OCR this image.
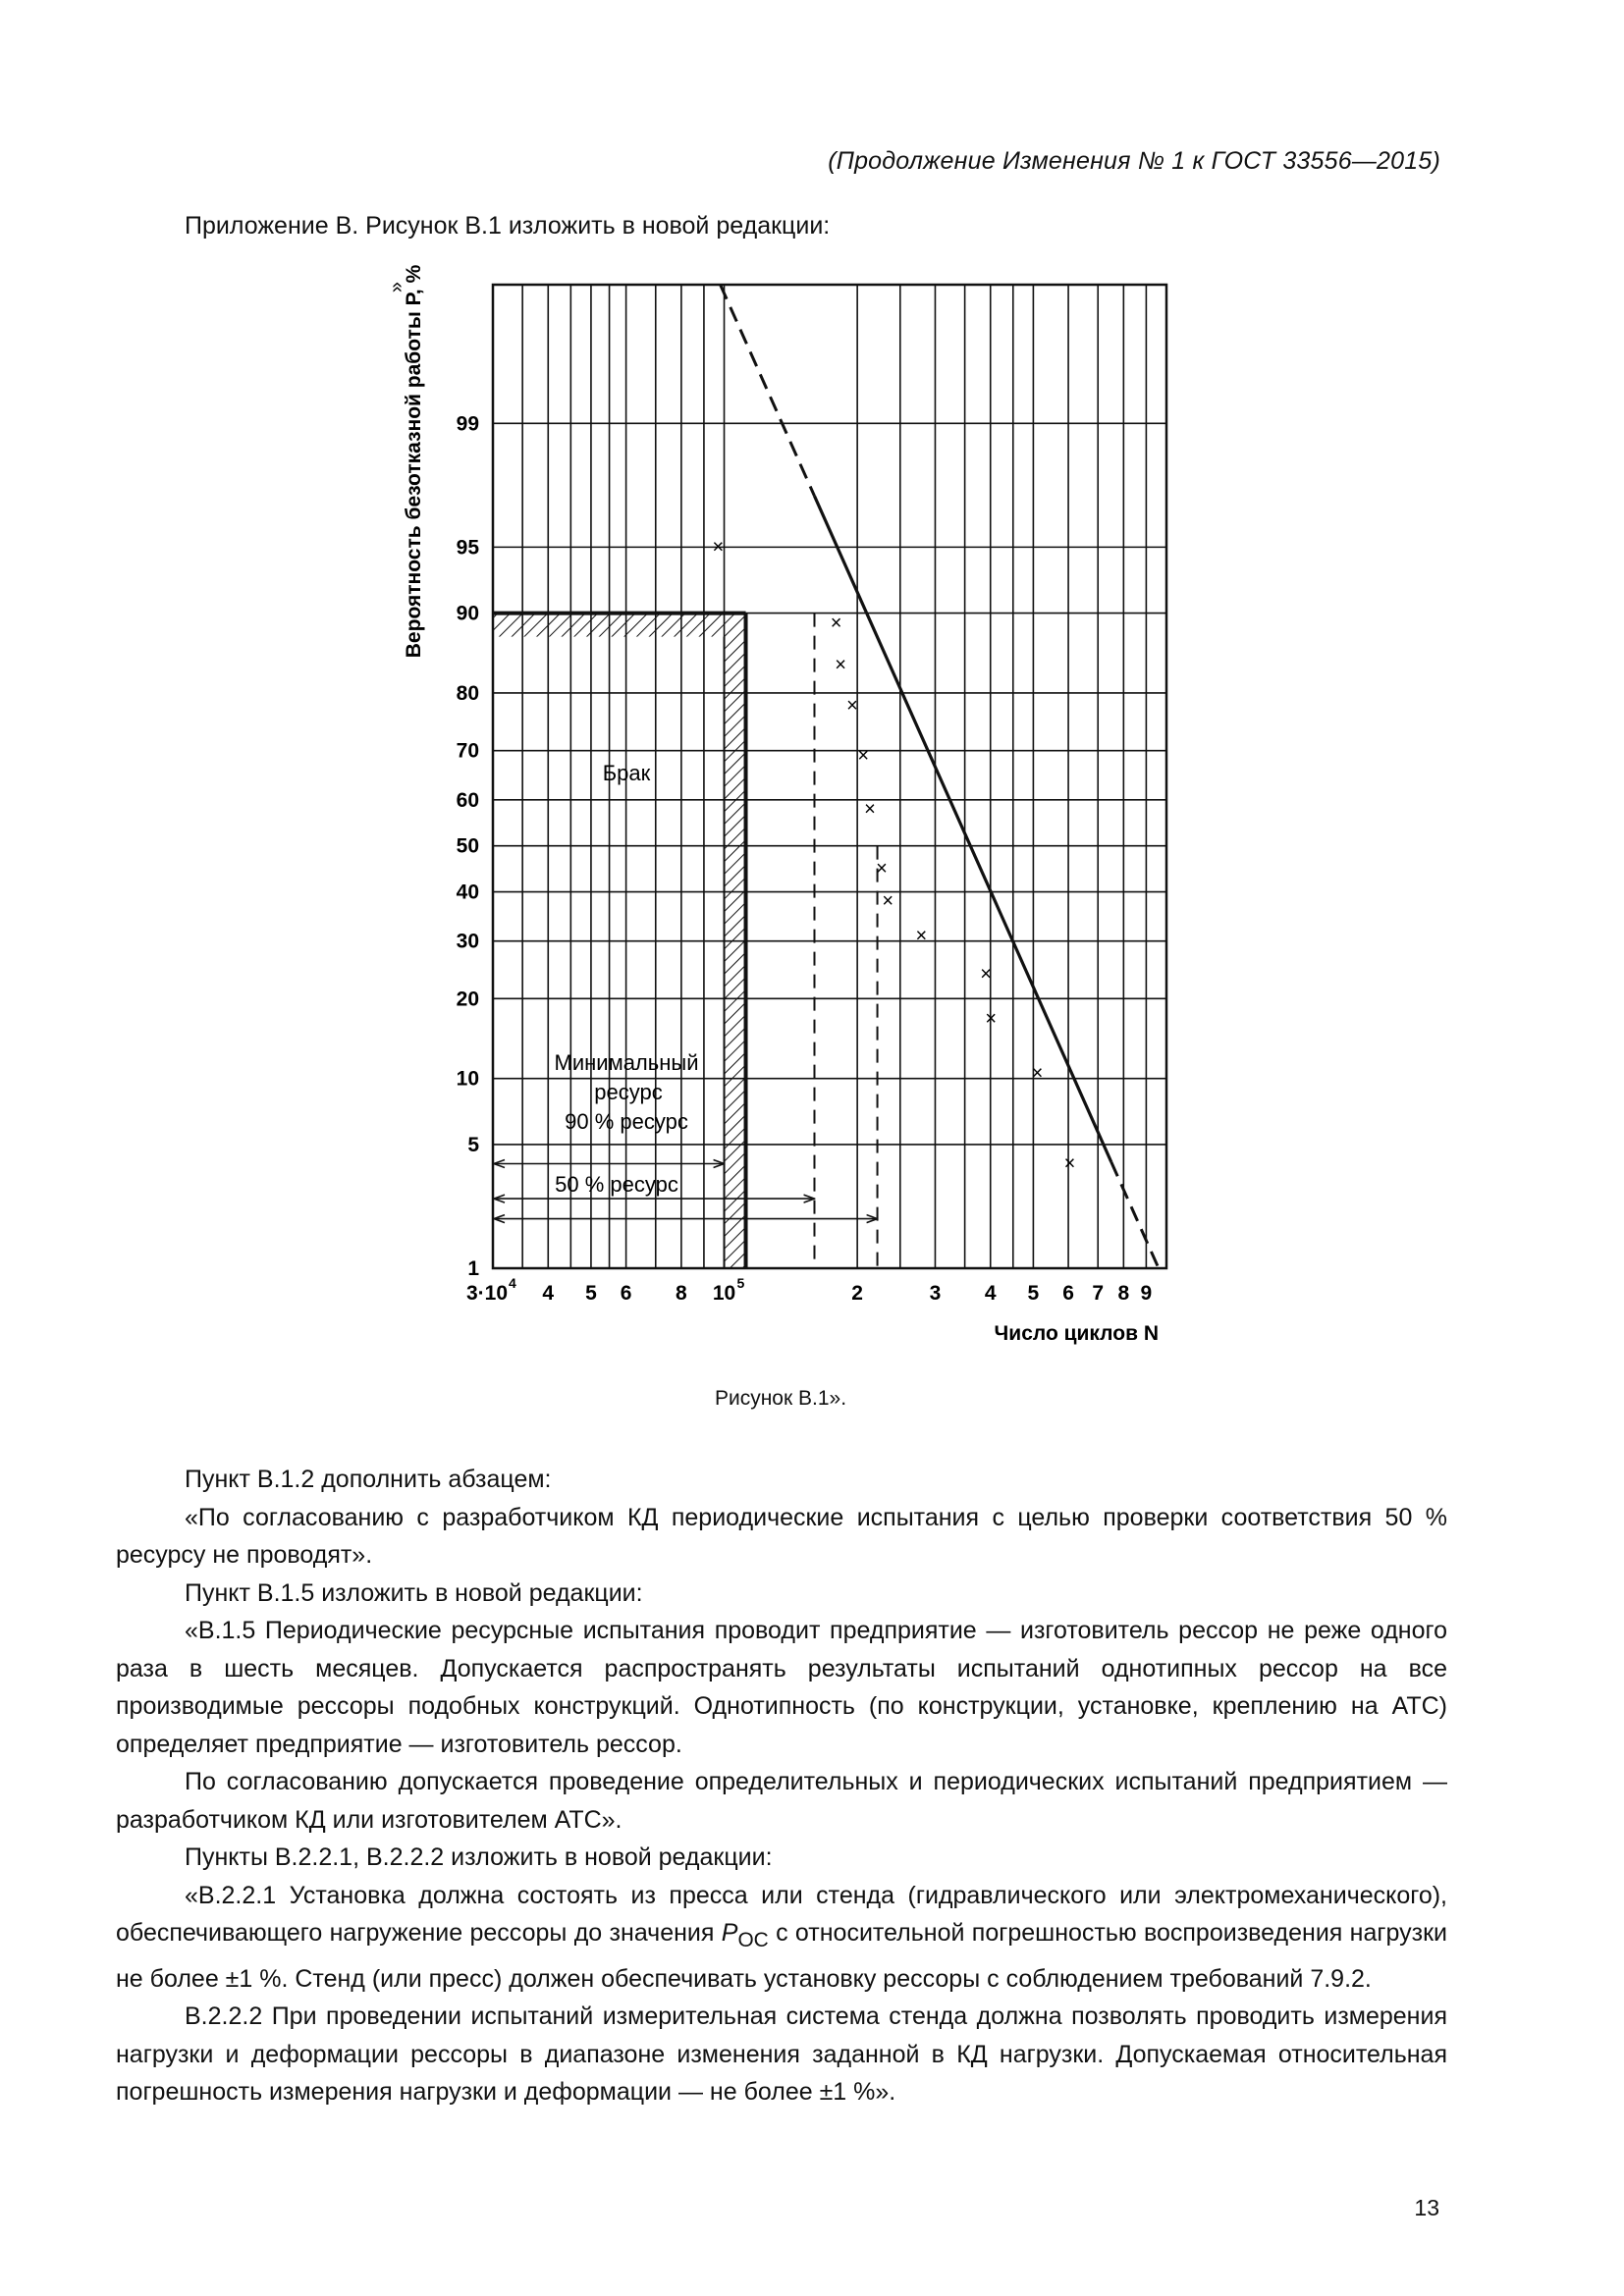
(Продолжение Изменения № 1 к ГОСТ 33556—2015)
Приложение В. Рисунок В.1 изложить в новой редакции:
×
×
×
×
×
×
×
×
×
×
×
×
×
1
5
10
20
30
40
50
60
70
80
90
95
99
3·10 4 4 5 6 8 10 5	2	3 4 5 6 7 8 9
Вероятность безотказной работы P, %
«
Число циклов N
Брак
Минимальный
ресурс
90 % ресурс
50 % ресурс
Рисунок В.1».

Пункт В.1.2 дополнить абзацем:

«По согласованию с разработчиком КД периодические испытания с целью проверки соответствия 50 % ресурсу не проводят».

Пункт В.1.5 изложить в новой редакции:

«В.1.5 Периодические ресурсные испытания проводит предприятие — изготовитель рессор не реже одного раза в шесть месяцев. Допускается распространять результаты испытаний однотипных рессор на все производимые рессоры подобных конструкций. Однотипность (по конструкции, установке, креплению на АТС) определяет предприятие — изготовитель рессор.

По согласованию допускается проведение определительных и периодических испытаний предприятием — разработчиком КД или изготовителем АТС».

Пункты В.2.2.1, В.2.2.2 изложить в новой редакции:

«В.2.2.1 Установка должна состоять из пресса или стенда (гидравлического или электромеханического), обеспечивающего нагружение рессоры до значения $P_{ОС}$ с относительной погрешностью воспроизведения нагрузки не более ±1 %. Стенд (или пресс) должен обеспечивать установку рессоры с соблюдением требований 7.9.2.

В.2.2.2 При проведении испытаний измерительная система стенда должна позволять проводить измерения нагрузки и деформации рессоры в диапазоне изменения заданной в КД нагрузки. Допускаемая относительная погрешность измерения нагрузки и деформации — не более ±1 %».

13
